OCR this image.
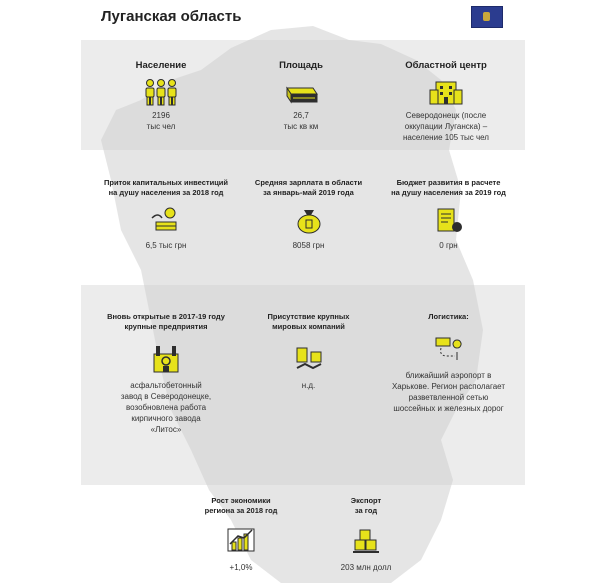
Луганская область
Население
2196
тыс чел
Площадь
26,7
тыс кв км
Областной центр
Северодонецк (после
оккупации Луганска) –
население 105 тыс чел
Приток капитальных инвестиций
на душу населения за 2018 год
6,5 тыс грн
Средняя зарплата в области
за январь-май 2019 года
8058 грн
Бюджет развития в расчете
на душу населения за 2019 год
0 грн
Вновь открытые в 2017-19 году
крупные предприятия
асфальтобетонный
завод в Северодонецке,
возобновлена работа
кирпичного завода
«Литос»
Присутствие крупных
мировых компаний
н.д.
Логистика:
ближайший аэропорт в
Харькове. Регион располагает
разветвленной сетью
шоссейных и железных дорог
Рост экономики
региона за 2018 год
+1,0%
Экспорт
за год
203 млн долл
